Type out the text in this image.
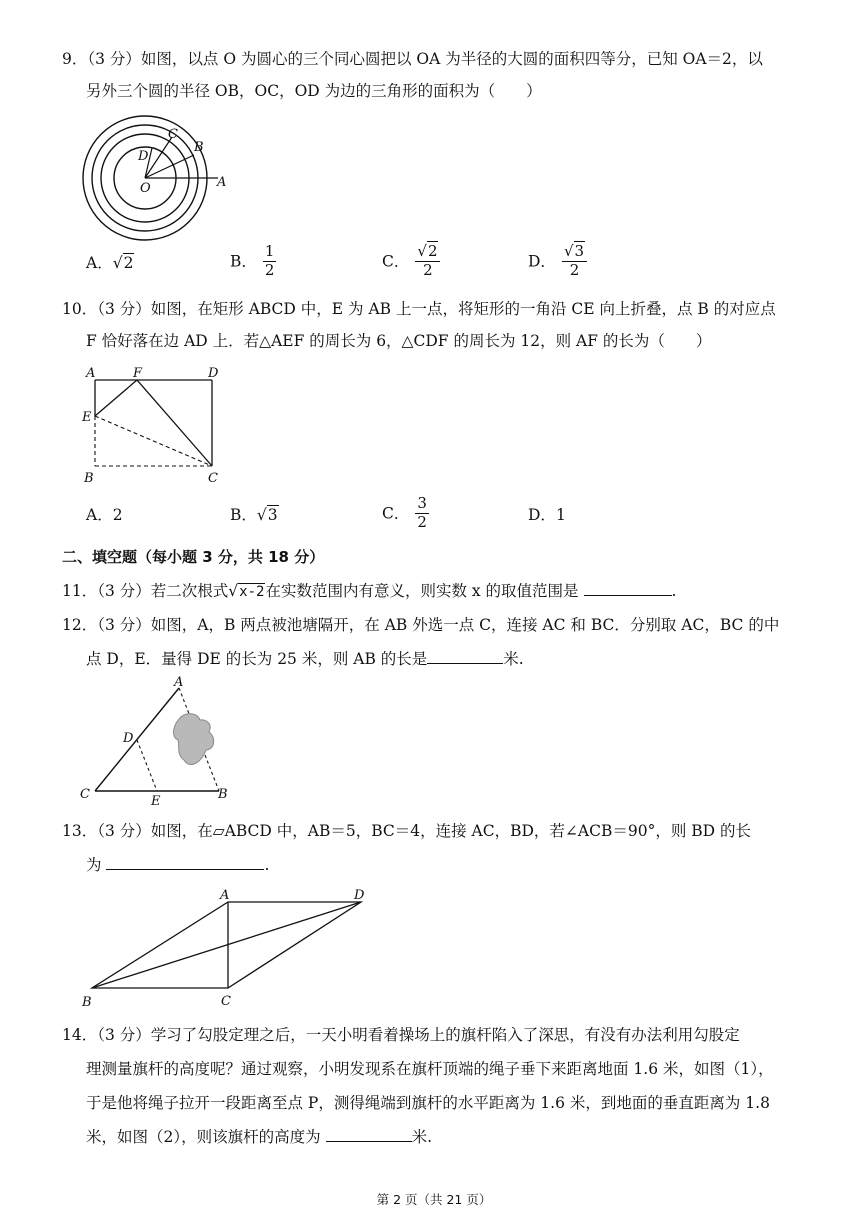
9．（3 分）如图，以点 O 为圆心的三个同心圆把以 OA 为半径的大圆的面积四等分，已知 OA＝2，以
另外三个圆的半径 OB，OC，OD 为边的三角形的面积为（　　）
C
D
B
O	A
A．√2	B． $\frac{1}{2}$	C． $\frac{√2}{2}$	D． $\frac{√3}{2}$
10．（3 分）如图，在矩形 ABCD 中，E 为 AB 上一点，将矩形的一角沿 CE 向上折叠，点 B 的对应点
F 恰好落在边 AD 上．若△AEF 的周长为 6，△CDF 的周长为 12，则 AF 的长为（　　）
A	F	D
E
B	C
A．2	B．√3	C． $\frac{3}{2}$	D．1
二、填空题（每小题 3 分，共 18 分）
11．（3 分）若二次根式√x-2在实数范围内有意义，则实数 x 的取值范围是	.
12．（3 分）如图，A，B 两点被池塘隔开，在 AB 外选一点 C，连接 AC 和 BC．分别取 AC，BC 的中
点 D，E．量得 DE 的长为 25 米，则 AB 的长是	米.
A
D
C	E	B
13．（3 分）如图，在▱ABCD 中，AB＝5，BC＝4，连接 AC，BD，若∠ACB＝90°，则 BD 的长
为	.
A	D
B	C
14．（3 分）学习了勾股定理之后，一天小明看着操场上的旗杆陷入了深思，有没有办法利用勾股定
理测量旗杆的高度呢？通过观察，小明发现系在旗杆顶端的绳子垂下来距离地面 1.6 米，如图（1），
于是他将绳子拉开一段距离至点 P，测得绳端到旗杆的水平距离为 1.6 米，到地面的垂直距离为 1.8
米，如图（2），则该旗杆的高度为	米.
第 2 页（共 21 页）
